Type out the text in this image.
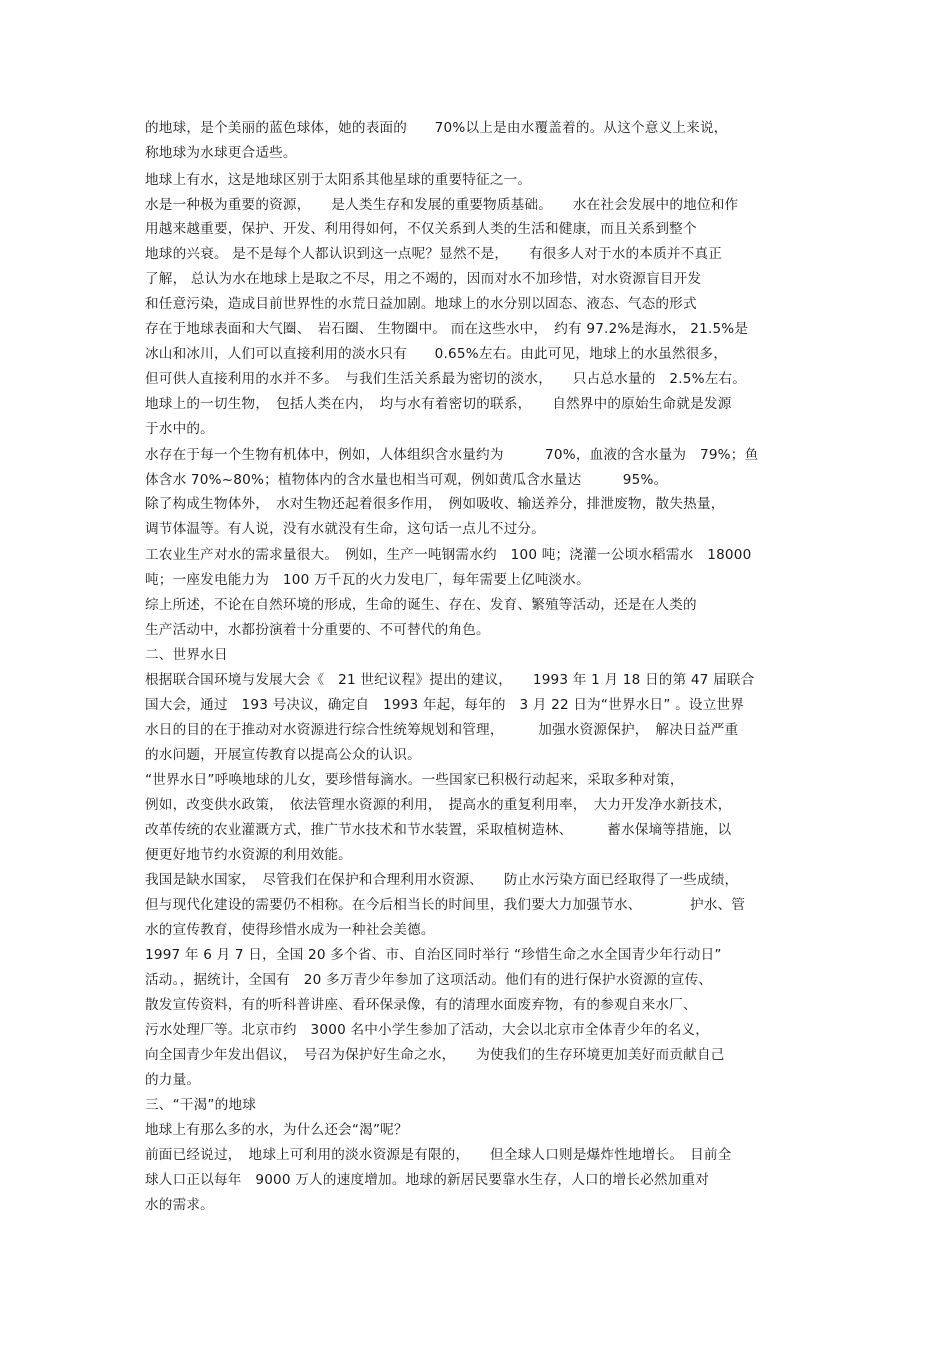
的地球，是个美丽的蓝色球体，她的表面的　　70%以上是由水覆盖着的。从这个意义上来说，
称地球为水球更合适些。
地球上有水，这是地球区别于太阳系其他星球的重要特征之一。
水是一种极为重要的资源，　　是人类生存和发展的重要物质基础。　　水在社会发展中的地位和作
用越来越重要，保护、开发、利用得如何，不仅关系到人类的生活和健康，而且关系到整个
地球的兴衰。 是不是每个人都认识到这一点呢？显然不是，　　有很多人对于水的本质并不真正
了解， 总认为水在地球上是取之不尽，用之不竭的，因而对水不加珍惜，对水资源盲目开发
和任意污染，造成目前世界性的水荒日益加剧。地球上的水分别以固态、液态、气态的形式
存在于地球表面和大气圈、　岩石圈、 生物圈中。 而在这些水中，　约有 97.2%是海水， 21.5%是
冰山和冰川，人们可以直接利用的淡水只有　　0.65%左右。由此可见，地球上的水虽然很多，
但可供人直接利用的水并不多。　与我们生活关系最为密切的淡水，　　只占总水量的　2.5%左右。
地球上的一切生物，　包括人类在内，　均与水有着密切的联系，　　自然界中的原始生命就是发源
于水中的。
水存在于每一个生物有机体中，例如，人体组织含水量约为　　　70%，血液的含水量为　79%；鱼
体含水 70%~80%；植物体内的含水量也相当可观，例如黄瓜含水量达　　　95%。
除了构成生物体外，　水对生物还起着很多作用，　例如吸收、输送养分，排泄废物，散失热量，
调节体温等。有人说，没有水就没有生命，这句话一点儿不过分。
工农业生产对水的需求量很大。　例如，生产一吨钢需水约　100 吨；浇灌一公顷水稻需水　18000
吨；一座发电能力为　100 万千瓦的火力发电厂，每年需要上亿吨淡水。
综上所述，不论在自然环境的形成，生命的诞生、存在、发育、繁殖等活动，还是在人类的
生产活动中，水都扮演着十分重要的、不可替代的角色。
二、世界水日
根据联合国环境与发展大会《　21 世纪议程》提出的建议，　　1993 年 1 月 18 日的第 47 届联合
国大会，通过　193 号决议，确定自　1993 年起，每年的　3 月 22 日为“世界水日” 。设立世界
水日的目的在于推动对水资源进行综合性统筹规划和管理，　　　加强水资源保护，　解决日益严重
的水问题，开展宣传教育以提高公众的认识。
“世界水日”呼唤地球的儿女，要珍惜每滴水。一些国家已积极行动起来，采取多种对策，
例如，改变供水政策，　依法管理水资源的利用，　提高水的重复利用率，　大力开发净水新技术，
改革传统的农业灌溉方式，推广节水技术和节水装置，采取植树造林、　　　蓄水保墒等措施，以
便更好地节约水资源的利用效能。
我国是缺水国家，　尽管我们在保护和合理利用水资源、　　防止水污染方面已经取得了一些成绩，
但与现代化建设的需要仍不相称。在今后相当长的时间里，我们要大力加强节水、　　　　护水、管
水的宣传教育，使得珍惜水成为一种社会美德。
1997 年 6 月 7 日，全国 20 多个省、市、自治区同时举行 “珍惜生命之水全国青少年行动日”
活动。，据统计，全国有　20 多万青少年参加了这项活动。他们有的进行保护水资源的宣传、
散发宣传资料，有的听科普讲座、看环保录像，有的清理水面废弃物，有的参观自来水厂、
污水处理厂等。北京市约　3000 名中小学生参加了活动，大会以北京市全体青少年的名义，
向全国青少年发出倡议，　号召为保护好生命之水，　　为使我们的生存环境更加美好而贡献自己
的力量。
三、“干渴”的地球
地球上有那么多的水，为什么还会“渴”呢？
前面已经说过，　地球上可利用的淡水资源是有限的，　　但全球人口则是爆炸性地增长。　目前全
球人口正以每年　9000 万人的速度增加。地球的新居民要靠水生存，人口的增长必然加重对
水的需求。
